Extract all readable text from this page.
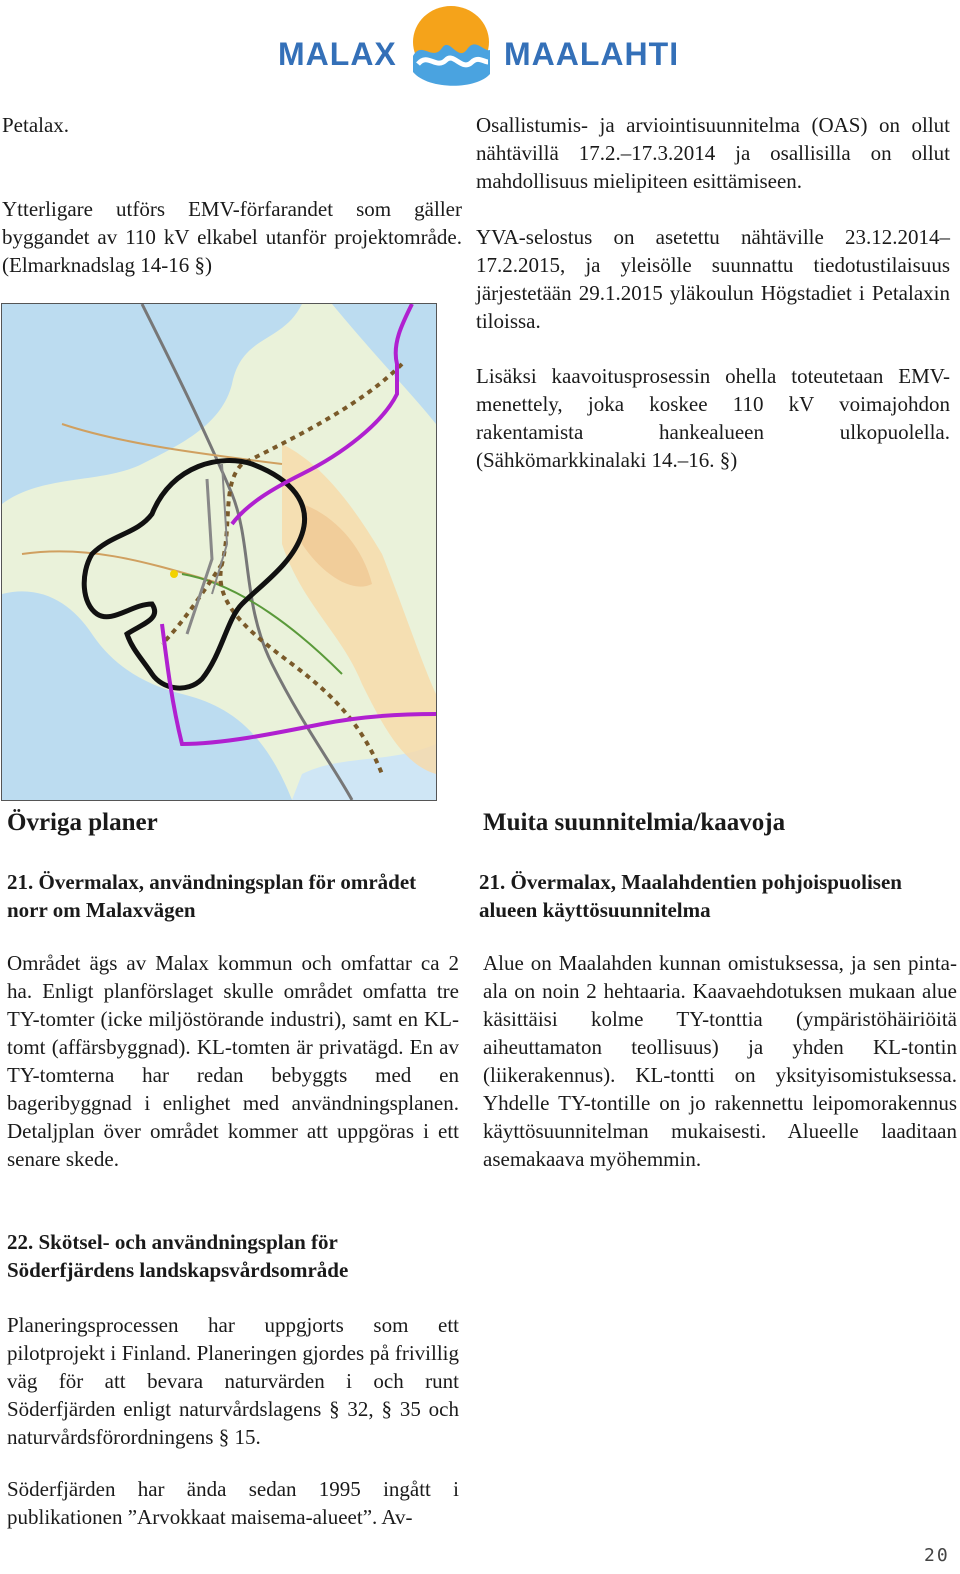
MALAX	MAALAHTI
Petalax.
Ytterligare utförs EMV-förfarandet som gäller byggandet av 110 kV elkabel utanför projektområde. (Elmarknadslag 14-16 §)
Osallistumis- ja arviointisuunnitelma (OAS) on ollut nähtävillä 17.2.–17.3.2014 ja osallisilla on ollut mahdollisuus mielipiteen esittämiseen.
YVA-selostus on asetettu nähtäville 23.12.2014–17.2.2015, ja yleisölle suunnattu tiedotustilaisuus järjestetään 29.1.2015 yläkoulun Högstadiet i Petalaxin tiloissa.
Lisäksi kaavoitusprosessin ohella toteutetaan EMV-menettely, joka koskee 110 kV voimajohdon rakentamista hankealueen ulkopuolella. (Sähkömarkkinalaki 14.–16. §)
Övriga planer	Muita suunnitelmia/kaavoja
21. Övermalax, användningsplan för området norr om Malaxvägen
Området ägs av Malax kommun och omfattar ca 2 ha. Enligt planförslaget skulle området omfatta tre TY-tomter (icke miljöstörande industri), samt en KL-tomt (affärsbyggnad). KL-tomten är privatägd. En av TY-tomterna har redan bebyggts med en bageribyggnad i enlighet med användningsplanen. Detaljplan över området kommer att uppgöras i ett senare skede.
21. Övermalax, Maalahdentien pohjoispuolisen alueen käyttösuunnitelma
Alue on Maalahden kunnan omistuksessa, ja sen pinta-ala on noin 2 hehtaaria. Kaavaehdotuksen mukaan alue käsittäisi kolme TY-tonttia (ympäristöhäiriöitä aiheuttamaton teollisuus) ja yhden KL-tontin (liikerakennus). KL-tontti on yksityisomistuksessa. Yhdelle TY-tontille on jo rakennettu leipomorakennus käyttösuunnitelman mukaisesti. Alueelle laaditaan asemakaava myöhemmin.
22. Skötsel- och användningsplan för Söderfjärdens landskapsvårdsområde
Planeringsprocessen har uppgjorts som ett pilotprojekt i Finland. Planeringen gjordes på frivillig väg för att bevara naturvärden i och runt Söderfjärden enligt naturvårdslagens § 32, § 35 och naturvårdsförordningens § 15.
Söderfjärden har ända sedan 1995 ingått i publikationen ”Arvokkaat maisema-alueet”. Av-
20
